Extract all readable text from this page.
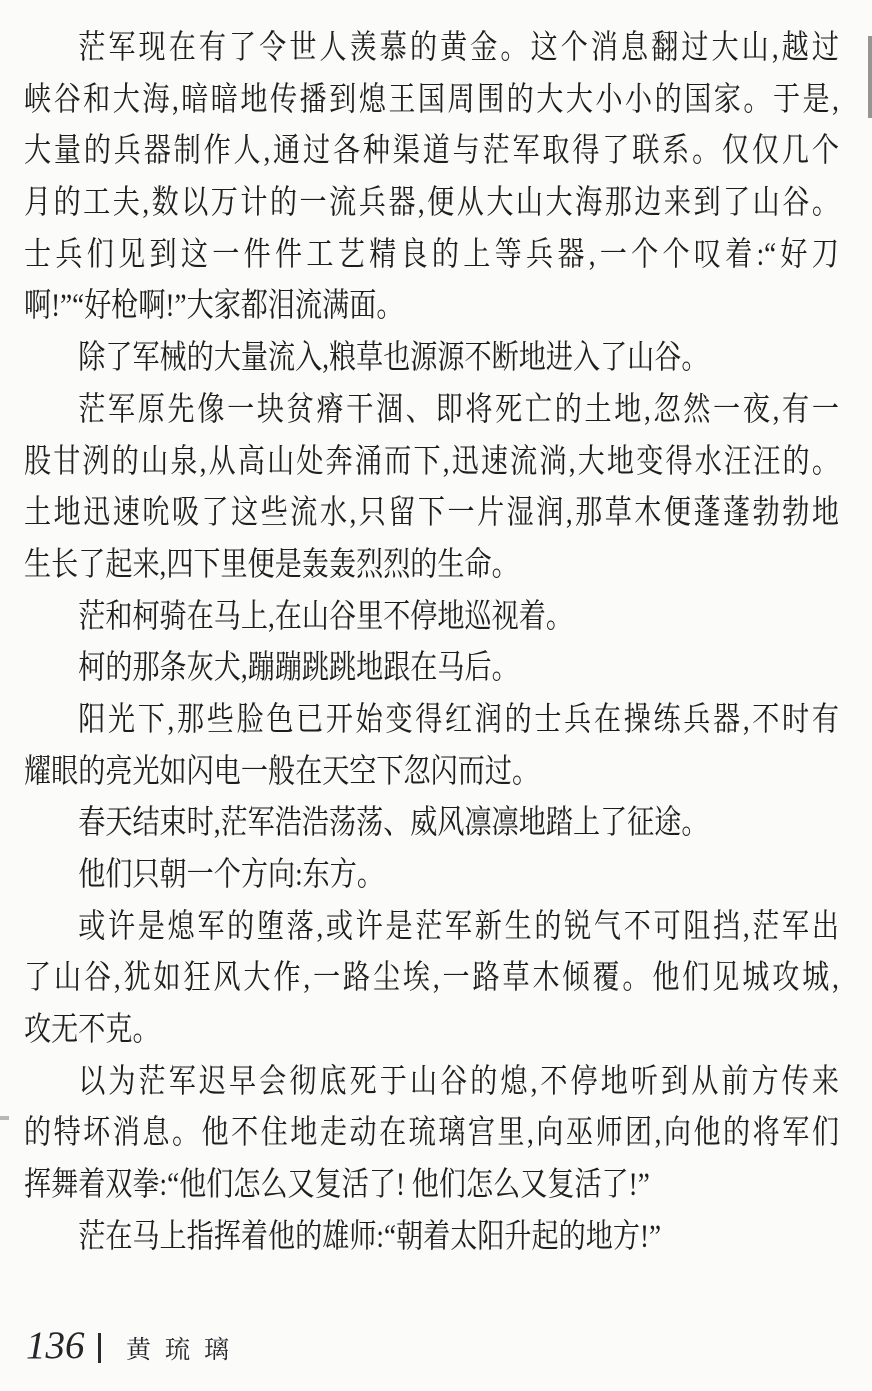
茫军现在有了令世人羡慕的黄金。这个消息翻过大山,越过
峡谷和大海,暗暗地传播到熄王国周围的大大小小的国家。于是,
大量的兵器制作人,通过各种渠道与茫军取得了联系。仅仅几个
月的工夫,数以万计的一流兵器,便从大山大海那边来到了山谷。
士兵们见到这一件件工艺精良的上等兵器,一个个叹着:“好刀
啊!”“好枪啊!”大家都泪流满面。
除了军械的大量流入,粮草也源源不断地进入了山谷。
茫军原先像一块贫瘠干涸、即将死亡的土地,忽然一夜,有一
股甘洌的山泉,从高山处奔涌而下,迅速流淌,大地变得水汪汪的。
土地迅速吮吸了这些流水,只留下一片湿润,那草木便蓬蓬勃勃地
生长了起来,四下里便是轰轰烈烈的生命。
茫和柯骑在马上,在山谷里不停地巡视着。
柯的那条灰犬,蹦蹦跳跳地跟在马后。
阳光下,那些脸色已开始变得红润的士兵在操练兵器,不时有
耀眼的亮光如闪电一般在天空下忽闪而过。
春天结束时,茫军浩浩荡荡、威风凛凛地踏上了征途。
他们只朝一个方向:东方。
或许是熄军的堕落,或许是茫军新生的锐气不可阻挡,茫军出
了山谷,犹如狂风大作,一路尘埃,一路草木倾覆。他们见城攻城,
攻无不克。
以为茫军迟早会彻底死于山谷的熄,不停地听到从前方传来
的特坏消息。他不住地走动在琉璃宫里,向巫师团,向他的将军们
挥舞着双拳:“他们怎么又复活了! 他们怎么又复活了!”
茫在马上指挥着他的雄师:“朝着太阳升起的地方!”
136 黄琉璃
